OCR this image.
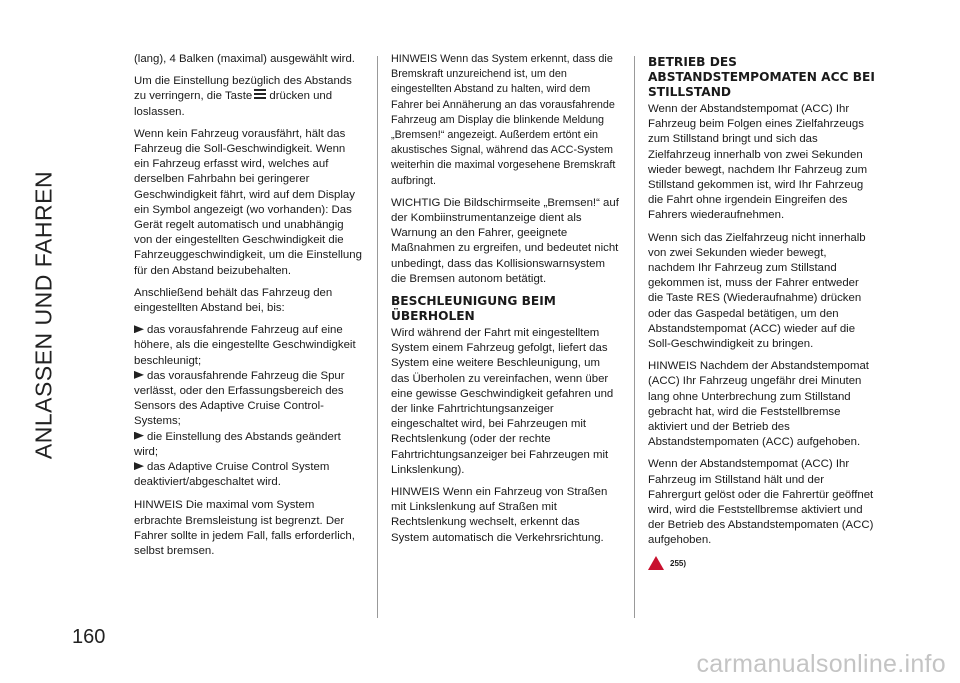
ANLASSEN UND FAHREN
160

(lang), 4 Balken (maximal) ausgewählt wird.

Um die Einstellung bezüglich des Abstands zu verringern, die Taste drücken und loslassen.

Wenn kein Fahrzeug vorausfährt, hält das Fahrzeug die Soll-Geschwindigkeit. Wenn ein Fahrzeug erfasst wird, welches auf derselben Fahrbahn bei geringerer Geschwindigkeit fährt, wird auf dem Display ein Symbol angezeigt (wo vorhanden): Das Gerät regelt automatisch und unabhängig von der eingestellten Geschwindigkeit die Fahrzeuggeschwindigkeit, um die Einstellung für den Abstand beizubehalten.

Anschließend behält das Fahrzeug den eingestellten Abstand bei, bis:

das vorausfahrende Fahrzeug auf eine höhere, als die eingestellte Geschwindigkeit beschleunigt;
das vorausfahrende Fahrzeug die Spur verlässt, oder den Erfassungsbereich des Sensors des Adaptive Cruise Control-Systems;
die Einstellung des Abstands geändert wird;
das Adaptive Cruise Control System deaktiviert/abgeschaltet wird.

HINWEIS Die maximal vom System erbrachte Bremsleistung ist begrenzt. Der Fahrer sollte in jedem Fall, falls erforderlich, selbst bremsen.

HINWEIS Wenn das System erkennt, dass die Bremskraft unzureichend ist, um den eingestellten Abstand zu halten, wird dem Fahrer bei Annäherung an das vorausfahrende Fahrzeug am Display die blinkende Meldung „Bremsen!“ angezeigt. Außerdem ertönt ein akustisches Signal, während das ACC-System weiterhin die maximal vorgesehene Bremskraft aufbringt.

WICHTIG Die Bildschirmseite „Bremsen!“ auf der Kombiinstrumentanzeige dient als Warnung an den Fahrer, geeignete Maßnahmen zu ergreifen, und bedeutet nicht unbedingt, dass das Kollisionswarnsystem die Bremsen autonom betätigt.

BESCHLEUNIGUNG BEIM ÜBERHOLEN

Wird während der Fahrt mit eingestelltem System einem Fahrzeug gefolgt, liefert das System eine weitere Beschleunigung, um das Überholen zu vereinfachen, wenn über eine gewisse Geschwindigkeit gefahren und der linke Fahrtrichtungsanzeiger eingeschaltet wird, bei Fahrzeugen mit Rechtslenkung (oder der rechte Fahrtrichtungsanzeiger bei Fahrzeugen mit Linkslenkung).

HINWEIS Wenn ein Fahrzeug von Straßen mit Linkslenkung auf Straßen mit Rechtslenkung wechselt, erkennt das System automatisch die Verkehrsrichtung.

BETRIEB DES ABSTANDSTEMPOMATEN ACC BEI STILLSTAND

Wenn der Abstandstempomat (ACC) Ihr Fahrzeug beim Folgen eines Zielfahrzeugs zum Stillstand bringt und sich das Zielfahrzeug innerhalb von zwei Sekunden wieder bewegt, nachdem Ihr Fahrzeug zum Stillstand gekommen ist, wird Ihr Fahrzeug die Fahrt ohne irgendein Eingreifen des Fahrers wiederaufnehmen.

Wenn sich das Zielfahrzeug nicht innerhalb von zwei Sekunden wieder bewegt, nachdem Ihr Fahrzeug zum Stillstand gekommen ist, muss der Fahrer entweder die Taste RES (Wiederaufnahme) drücken oder das Gaspedal betätigen, um den Abstandstempomat (ACC) wieder auf die Soll-Geschwindigkeit zu bringen.

HINWEIS Nachdem der Abstandstempomat (ACC) Ihr Fahrzeug ungefähr drei Minuten lang ohne Unterbrechung zum Stillstand gebracht hat, wird die Feststellbremse aktiviert und der Betrieb des Abstandstempomaten (ACC) aufgehoben.

Wenn der Abstandstempomat (ACC) Ihr Fahrzeug im Stillstand hält und der Fahrergurt gelöst oder die Fahrertür geöffnet wird, wird die Feststellbremse aktiviert und der Betrieb des Abstandstempomaten (ACC) aufgehoben.

255)
carmanualsonline.info
